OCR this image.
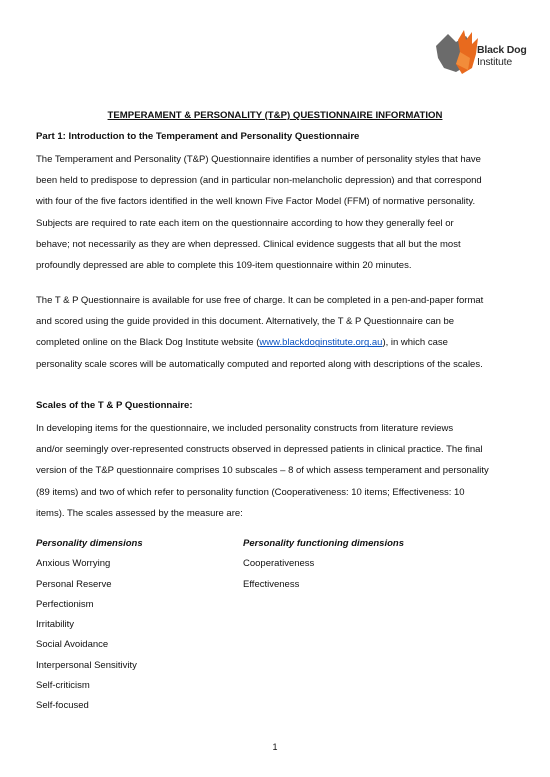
Black Dog
Institute
TEMPERAMENT & PERSONALITY (T&P) QUESTIONNAIRE INFORMATION
Part 1: Introduction to the Temperament and Personality Questionnaire

The Temperament and Personality (T&P) Questionnaire identifies a number of personality styles that have
been held to predispose to depression (and in particular non-melancholic depression) and that correspond
with four of the five factors identified in the well known Five Factor Model (FFM) of normative personality.
Subjects are required to rate each item on the questionnaire according to how they generally feel or
behave; not necessarily as they are when depressed. Clinical evidence suggests that all but the most
profoundly depressed are able to complete this 109-item questionnaire within 20 minutes.

The T & P Questionnaire is available for use free of charge. It can be completed in a pen-and-paper format
and scored using the guide provided in this document. Alternatively, the T & P Questionnaire can be
completed online on the Black Dog Institute website (www.blackdoginstitute.org.au), in which case
personality scale scores will be automatically computed and reported along with descriptions of the scales.

Scales of the T & P Questionnaire:

In developing items for the questionnaire, we included personality constructs from literature reviews
and/or seemingly over-represented constructs observed in depressed patients in clinical practice. The final
version of the T&P questionnaire comprises 10 subscales – 8 of which assess temperament and personality
(89 items) and two of which refer to personality function (Cooperativeness: 10 items; Effectiveness: 10
items). The scales assessed by the measure are:

Personality dimensions
Anxious Worrying
Personal Reserve
Perfectionism
Irritability
Social Avoidance
Interpersonal Sensitivity
Self-criticism
Self-focused
Personality functioning dimensions
Cooperativeness
Effectiveness
1
